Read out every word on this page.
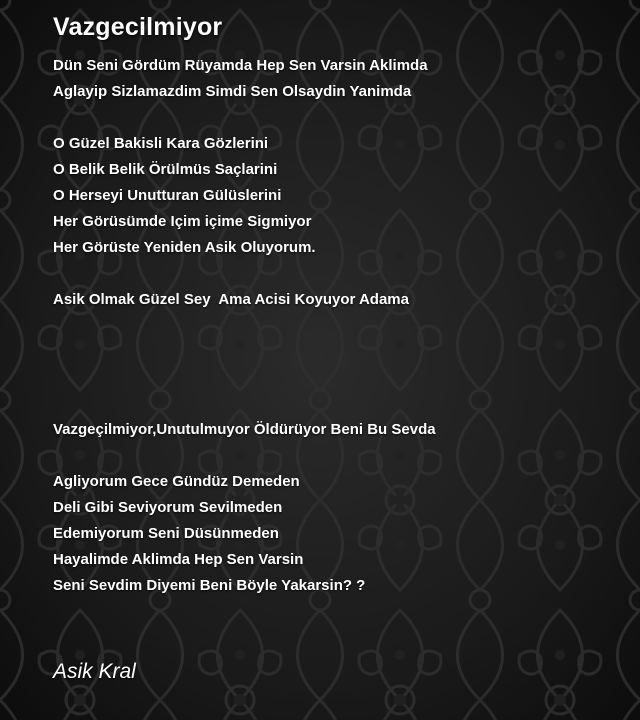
Vazgecilmiyor
Dün Seni Gördüm Rüyamda Hep Sen Varsin Aklimda
Aglayip Sizlamazdim Simdi Sen Olsaydin Yanimda
O Güzel Bakisli Kara Gözlerini
O Belik Belik Örülmüs Saçlarini
O Herseyi Unutturan Gülüslerini
Her Görüsümde Içim içime Sigmiyor
Her Görüste Yeniden Asik Oluyorum.
Asik Olmak Güzel Sey  Ama Acisi Koyuyor Adama
Vazgeçilmiyor,Unutulmuyor Öldürüyor Beni Bu Sevda
Agliyorum Gece Gündüz Demeden
Deli Gibi Seviyorum Sevilmeden
Edemiyorum Seni Düsünmeden
Hayalimde Aklimda Hep Sen Varsin
Seni Sevdim Diyemi Beni Böyle Yakarsin? ?
Asik Kral
